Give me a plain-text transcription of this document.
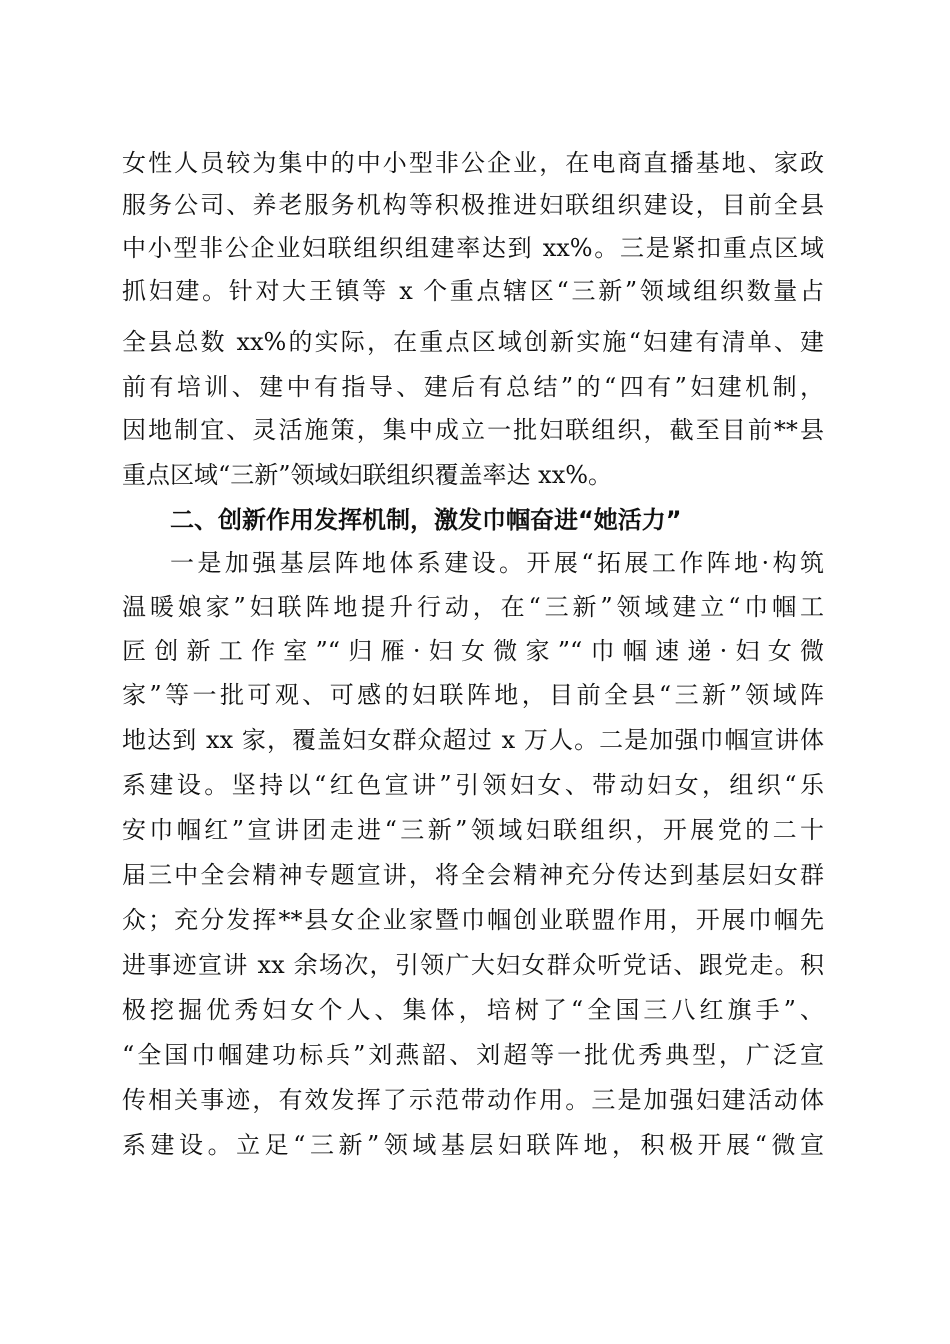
女性人员较为集中的中小型非公企业，在电商直播基地、家政
服务公司、养老服务机构等积极推进妇联组织建设，目前全县
中小型非公企业妇联组织组建率达到 xx%。三是紧扣重点区域
抓妇建。针对大王镇等 x 个重点辖区“三新”领域组织数量占
全县总数 xx%的实际，在重点区域创新实施“妇建有清单、建
前有培训、建中有指导、建后有总结”的“四有”妇建机制，
因地制宜、灵活施策，集中成立一批妇联组织，截至目前**县
重点区域“三新”领域妇联组织覆盖率达 xx%。
二、创新作用发挥机制，激发巾帼奋进“她活力”
一是加强基层阵地体系建设。开展“拓展工作阵地·构筑
温暖娘家”妇联阵地提升行动，在“三新”领域建立“巾帼工
匠创新工作室”“归雁·妇女微家”“巾帼速递·妇女微
家”等一批可观、可感的妇联阵地，目前全县“三新”领域阵
地达到 xx 家，覆盖妇女群众超过 x 万人。二是加强巾帼宣讲体
系建设。坚持以“红色宣讲”引领妇女、带动妇女，组织“乐
安巾帼红”宣讲团走进“三新”领域妇联组织，开展党的二十
届三中全会精神专题宣讲，将全会精神充分传达到基层妇女群
众；充分发挥**县女企业家暨巾帼创业联盟作用，开展巾帼先
进事迹宣讲 xx 余场次，引领广大妇女群众听党话、跟党走。积
极挖掘优秀妇女个人、集体，培树了“全国三八红旗手”、
“全国巾帼建功标兵”刘燕韶、刘超等一批优秀典型，广泛宣
传相关事迹，有效发挥了示范带动作用。三是加强妇建活动体
系建设。立足“三新”领域基层妇联阵地，积极开展“微宣
